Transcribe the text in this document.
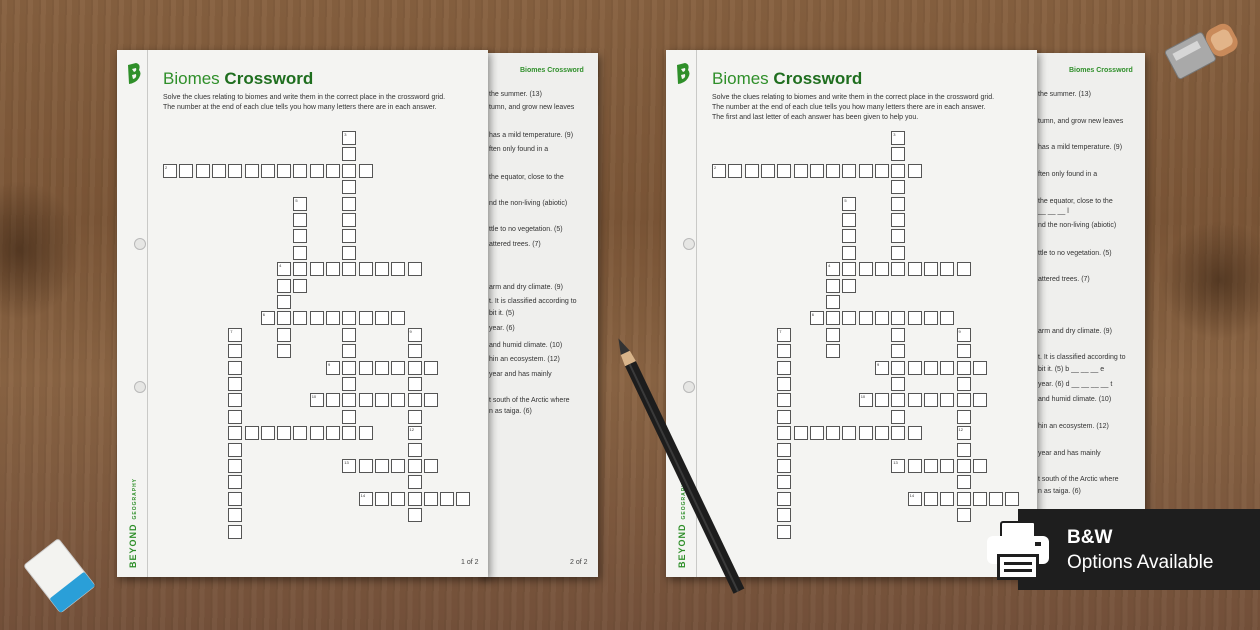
Biomes Crossword
2 of 2
the summer. (13)
tumn, and grow new leaves
has a mild temperature. (9)
ften only found in a
the equator, close to the
nd the non-living (abiotic)
ttle to no vegetation. (5)
attered trees. (7)
arm and dry climate. (9)
t. It is classified according to
bit it. (5)
year. (6)
and humid climate. (10)
hin an ecosystem. (12)
year and has mainly
t south of the Arctic where
n as taiga. (6)
Biomes Crossword
Solve the clues relating to biomes and write them in the correct place in the crossword grid.
The number at the end of each clue tells you how many letters there are in each answer.
BEYONDGEOGRAPHY
1 of 2
2
3
5
4
6
7	9
9
10
12
13
14
Biomes Crossword
the summer. (13)
tumn, and grow new leaves
has a mild temperature. (9)
ften only found in a
the equator, close to the
__ __ __ l
nd the non-living (abiotic)
ttle to no vegetation. (5)
attered trees. (7)
arm and dry climate. (9)
t. It is classified according to
bit it. (5) b __ __ __ e
year. (6) d __ __ __ __ t
and humid climate. (10)
hin an ecosystem. (12)
year and has mainly
t south of the Arctic where
n as taiga. (6)
Biomes Crossword
Solve the clues relating to biomes and write them in the correct place in the crossword grid.
The number at the end of each clue tells you how many letters there are in each answer.
The first and last letter of each answer has been given to help you.
BEYONDGEOGRAPHY
2
3
5
4
6
7	9
9
10
12
13
14
B&W
Options Available
